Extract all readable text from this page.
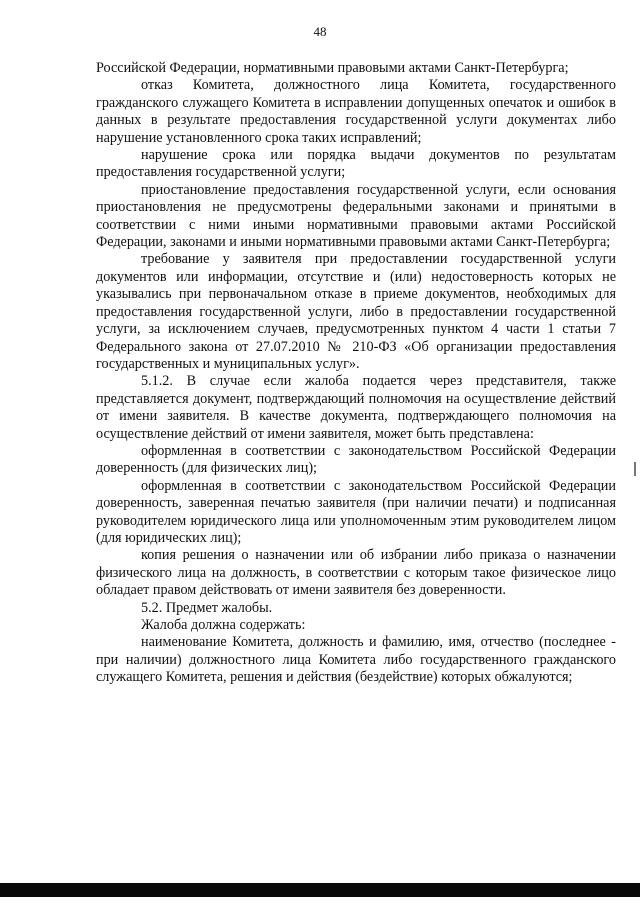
48

Российской Федерации, нормативными правовыми актами Санкт-Петербурга;

отказ Комитета, должностного лица Комитета, государственного гражданского служащего Комитета в исправлении допущенных опечаток и ошибок в данных в результате предоставления государственной услуги документах либо нарушение установленного срока таких исправлений;

нарушение срока или порядка выдачи документов по результатам предоставления государственной услуги;

приостановление предоставления государственной услуги, если основания приостановления не предусмотрены федеральными законами и принятыми в соответствии с ними иными нормативными правовыми актами Российской Федерации, законами и иными нормативными правовыми актами Санкт-Петербурга;

требование у заявителя при предоставлении государственной услуги документов или информации, отсутствие и (или) недостоверность которых не указывались при первоначальном отказе в приеме документов, необходимых для предоставления государственной услуги, либо в предоставлении государственной услуги, за исключением случаев, предусмотренных пунктом 4 части 1 статьи 7 Федерального закона от 27.07.2010 № 210-ФЗ «Об организации предоставления государственных и муниципальных услуг».

5.1.2. В случае если жалоба подается через представителя, также представляется документ, подтверждающий полномочия на осуществление действий от имени заявителя. В качестве документа, подтверждающего полномочия на осуществление действий от имени заявителя, может быть представлена:

оформленная в соответствии с законодательством Российской Федерации доверенность (для физических лиц);

оформленная в соответствии с законодательством Российской Федерации доверенность, заверенная печатью заявителя (при наличии печати) и подписанная руководителем юридического лица или уполномоченным этим руководителем лицом (для юридических лиц);

копия решения о назначении или об избрании либо приказа о назначении физического лица на должность, в соответствии с которым такое физическое лицо обладает правом действовать от имени заявителя без доверенности.

5.2. Предмет жалобы.

Жалоба должна содержать:

наименование Комитета, должность и фамилию, имя, отчество (последнее - при наличии) должностного лица Комитета либо государственного гражданского служащего Комитета, решения и действия (бездействие) которых обжалуются;
